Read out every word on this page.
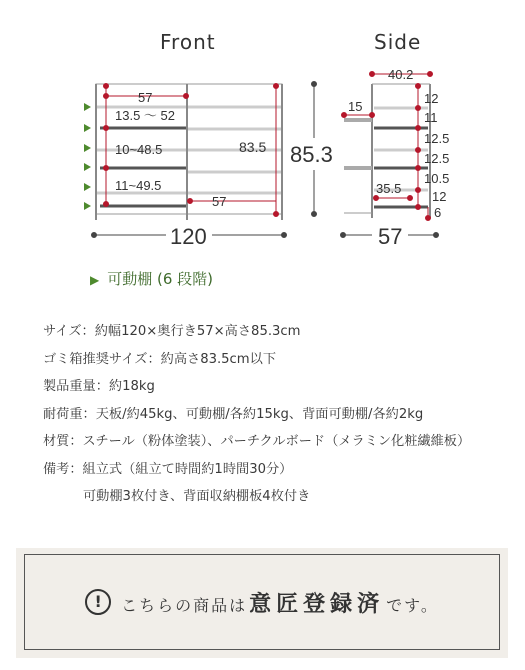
Front	Side
57
13.5 〜 52
10~48.5
11~49.5
83.5
57
85.3
120
40.2
15
12
11
12.5
12.5
10.5
12
6
35.5
57
▶ 可動棚 (6 段階)
サイズ：約幅120×奥行き57×高さ85.3cm
ゴミ箱推奨サイズ：約高さ83.5cm以下
製品重量：約18kg
耐荷重：天板/約45kg、可動棚/各約15kg、背面可動棚/各約2kg
材質：スチール（粉体塗装）、パーチクルボード（メラミン化粧繊維板）
備考：組立式（組立て時間約1時間30分）
可動棚3枚付き、背面収納棚板4枚付き
!	こちらの商品は意匠登録済 です。
